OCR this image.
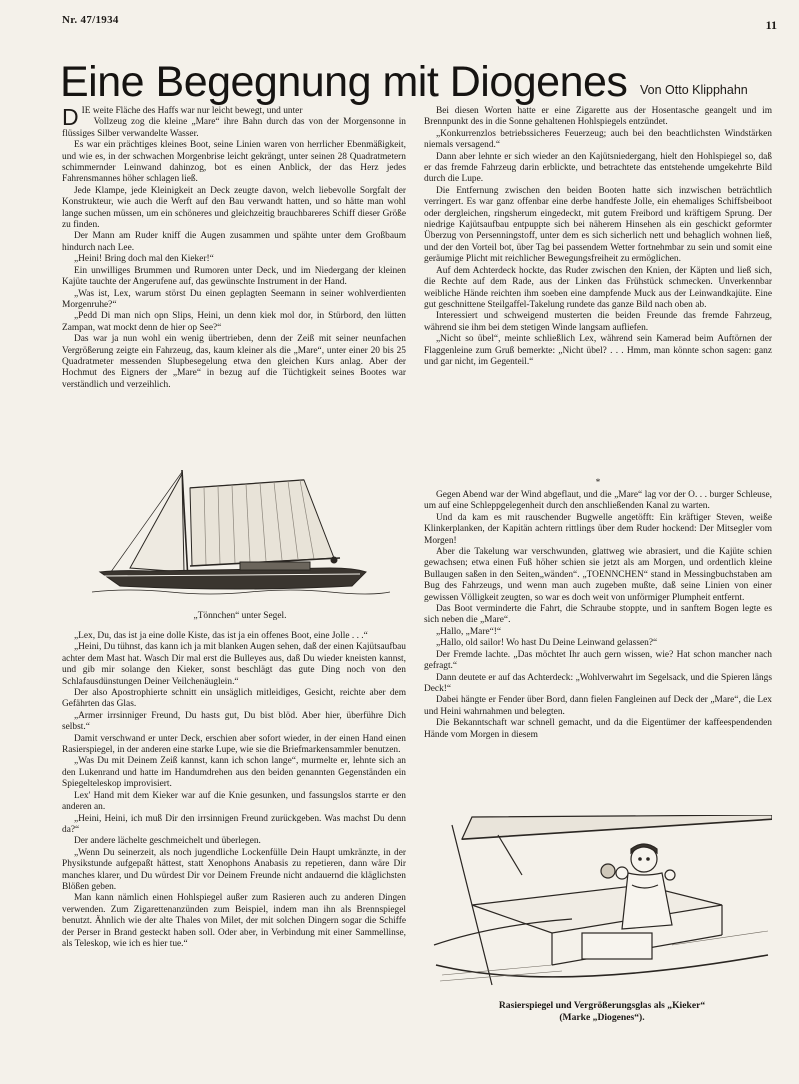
Nr. 47/1934	11
Eine Begegnung mit Diogenes Von Otto Klipphahn

DIE weite Fläche des Haffs war nur leicht bewegt, und unter

Vollzeug zog die kleine „Mare“ ihre Bahn durch das von der Morgensonne in flüssiges Silber verwandelte Wasser.

Es war ein prächtiges kleines Boot, seine Linien waren von herrlicher Ebenmäßigkeit, und wie es, in der schwachen Morgenbrise leicht gekrängt, unter seinen 28 Quadratmetern schimmernder Leinwand dahinzog, bot es einen Anblick, der das Herz jedes Fahrensmannes höher schlagen ließ.

Jede Klampe, jede Kleinigkeit an Deck zeugte davon, welch liebevolle Sorgfalt der Konstrukteur, wie auch die Werft auf den Bau verwandt hatten, und so hätte man wohl lange suchen müssen, um ein schöneres und gleichzeitig brauchbareres Schiff dieser Größe zu finden.

Der Mann am Ruder kniff die Augen zusammen und spähte unter dem Großbaum hindurch nach Lee.

„Heini! Bring doch mal den Kieker!“

Ein unwilliges Brummen und Rumoren unter Deck, und im Niedergang der kleinen Kajüte tauchte der Angerufene auf, das gewünschte Instrument in der Hand.

„Was ist, Lex, warum störst Du einen geplagten Seemann in seiner wohlverdienten Morgenruhe?“

„Pedd Di man nich opn Slips, Heini, un denn kiek mol dor, in Stürbord, den lütten Zampan, wat mockt denn de hier op See?“

Das war ja nun wohl ein wenig übertrieben, denn der Zeiß mit seiner neunfachen Vergrößerung zeigte ein Fahrzeug, das, kaum kleiner als die „Mare“, unter einer 20 bis 25 Quadratmeter messenden Slupbesegelung etwa den gleichen Kurs anlag. Aber der Hochmut des Eigners der „Mare“ in bezug auf die Tüchtigkeit seines Bootes war verständlich und verzeihlich.

„Tönnchen“ unter Segel.

„Lex, Du, das ist ja eine dolle Kiste, das ist ja ein offenes Boot, eine Jolle . . .“

„Heini, Du tühnst, das kann ich ja mit blanken Augen sehen, daß der einen Kajütsaufbau achter dem Mast hat. Wasch Dir mal erst die Bulleyes aus, daß Du wieder kneisten kannst, und gib mir solange den Kieker, sonst beschlägt das gute Ding noch von den Schlafausdünstungen Deiner Veilchenäuglein.“

Der also Apostrophierte schnitt ein unsäglich mitleidiges, Gesicht, reichte aber dem Gefährten das Glas.

„Armer irrsinniger Freund, Du hasts gut, Du bist blöd. Aber hier, überführe Dich selbst.“

Damit verschwand er unter Deck, erschien aber sofort wieder, in der einen Hand einen Rasierspiegel, in der anderen eine starke Lupe, wie sie die Briefmarkensammler benutzen.

„Was Du mit Deinem Zeiß kannst, kann ich schon lange“, murmelte er, lehnte sich an den Lukenrand und hatte im Handumdrehen aus den beiden genannten Gegenständen ein Spiegelteleskop improvisiert.

Lex' Hand mit dem Kieker war auf die Knie gesunken, und fassungslos starrte er den anderen an.

„Heini, Heini, ich muß Dir den irrsinnigen Freund zurückgeben. Was machst Du denn da?“

Der andere lächelte geschmeichelt und überlegen.

„Wenn Du seinerzeit, als noch jugendliche Lockenfülle Dein Haupt umkränzte, in der Physikstunde aufgepaßt hättest, statt Xenophons Anabasis zu repetieren, dann wäre Dir manches klarer, und Du würdest Dir vor Deinem Freunde nicht andauernd die kläglichsten Blößen geben.

Man kann nämlich einen Hohlspiegel außer zum Rasieren auch zu anderen Dingen verwenden. Zum Zigarettenanzünden zum Beispiel, indem man ihn als Brennspiegel benutzt. Ähnlich wie der alte Thales von Milet, der mit solchen Dingern sogar die Schiffe der Perser in Brand gesteckt haben soll. Oder aber, in Verbindung mit einer Sammellinse, als Teleskop, wie ich es hier tue.“

Bei diesen Worten hatte er eine Zigarette aus der Hosentasche geangelt und im Brennpunkt des in die Sonne gehaltenen Hohlspiegels entzündet.

„Konkurrenzlos betriebssicheres Feuerzeug; auch bei den beachtlichsten Windstärken niemals versagend.“

Dann aber lehnte er sich wieder an den Kajütsniedergang, hielt den Hohlspiegel so, daß er das fremde Fahrzeug darin erblickte, und betrachtete das entstehende umgekehrte Bild durch die Lupe.

Die Entfernung zwischen den beiden Booten hatte sich inzwischen beträchtlich verringert. Es war ganz offenbar eine derbe handfeste Jolle, ein ehemaliges Schiffsbeiboot oder dergleichen, ringsherum eingedeckt, mit gutem Freibord und kräftigem Sprung. Der niedrige Kajütsaufbau entpuppte sich bei näherem Hinsehen als ein geschickt geformter Überzug von Persenningstoff, unter dem es sich sicherlich nett und behaglich wohnen ließ, und der den Vorteil bot, über Tag bei passendem Wetter fortnehmbar zu sein und somit eine geräumige Plicht mit reichlicher Bewegungsfreiheit zu ermöglichen.

Auf dem Achterdeck hockte, das Ruder zwischen den Knien, der Käpten und ließ sich, die Rechte auf dem Rade, aus der Linken das Frühstück schmecken. Unverkennbar weibliche Hände reichten ihm soeben eine dampfende Muck aus der Leinwandkajüte. Eine gut geschnittene Steilgaffel-Takelung rundete das ganze Bild nach oben ab.

Interessiert und schweigend musterten die beiden Freunde das fremde Fahrzeug, während sie ihm bei dem stetigen Winde langsam aufliefen.

„Nicht so übel“, meinte schließlich Lex, während sein Kamerad beim Auftörnen der Flaggenleine zum Gruß bemerkte: „Nicht übel? . . . Hmm, man könnte schon sagen: ganz und gar nicht, im Gegenteil.“

*

Gegen Abend war der Wind abgeflaut, und die „Mare“ lag vor der O. . . burger Schleuse, um auf eine Schleppgelegenheit durch den anschließenden Kanal zu warten.

Und da kam es mit rauschender Bugwelle angetöfft: Ein kräftiger Steven, weiße Klinkerplanken, der Kapitän achtern rittlings über dem Ruder hockend: Der Mitsegler vom Morgen!

Aber die Takelung war verschwunden, glattweg wie abrasiert, und die Kajüte schien gewachsen; etwa einen Fuß höher schien sie jetzt als am Morgen, und ordentlich kleine Bullaugen saßen in den Seiten„wänden“. „TOENNCHEN“ stand in Messingbuchstaben am Bug des Fahrzeugs, und wenn man auch zugeben mußte, daß seine Linien von einer gewissen Völligkeit zeugten, so war es doch weit von unförmiger Plumpheit entfernt.

Das Boot verminderte die Fahrt, die Schraube stoppte, und in sanftem Bogen legte es sich neben die „Mare“.

„Hallo, „Mare“!“

„Hallo, old sailor! Wo hast Du Deine Leinwand gelassen?“

Der Fremde lachte. „Das möchtet Ihr auch gern wissen, wie? Hat schon mancher nach gefragt.“

Dann deutete er auf das Achterdeck: „Wohlverwahrt im Segelsack, und die Spieren längs Deck!“

Dabei hängte er Fender über Bord, dann fielen Fangleinen auf Deck der „Mare“, die Lex und Heini wahrnahmen und belegten.

Die Bekanntschaft war schnell gemacht, und da die Eigentümer der kaffeespendenden Hände vom Morgen in diesem

Rasierspiegel und Vergrößerungsglas als „Kieker“
(Marke „Diogenes“).
